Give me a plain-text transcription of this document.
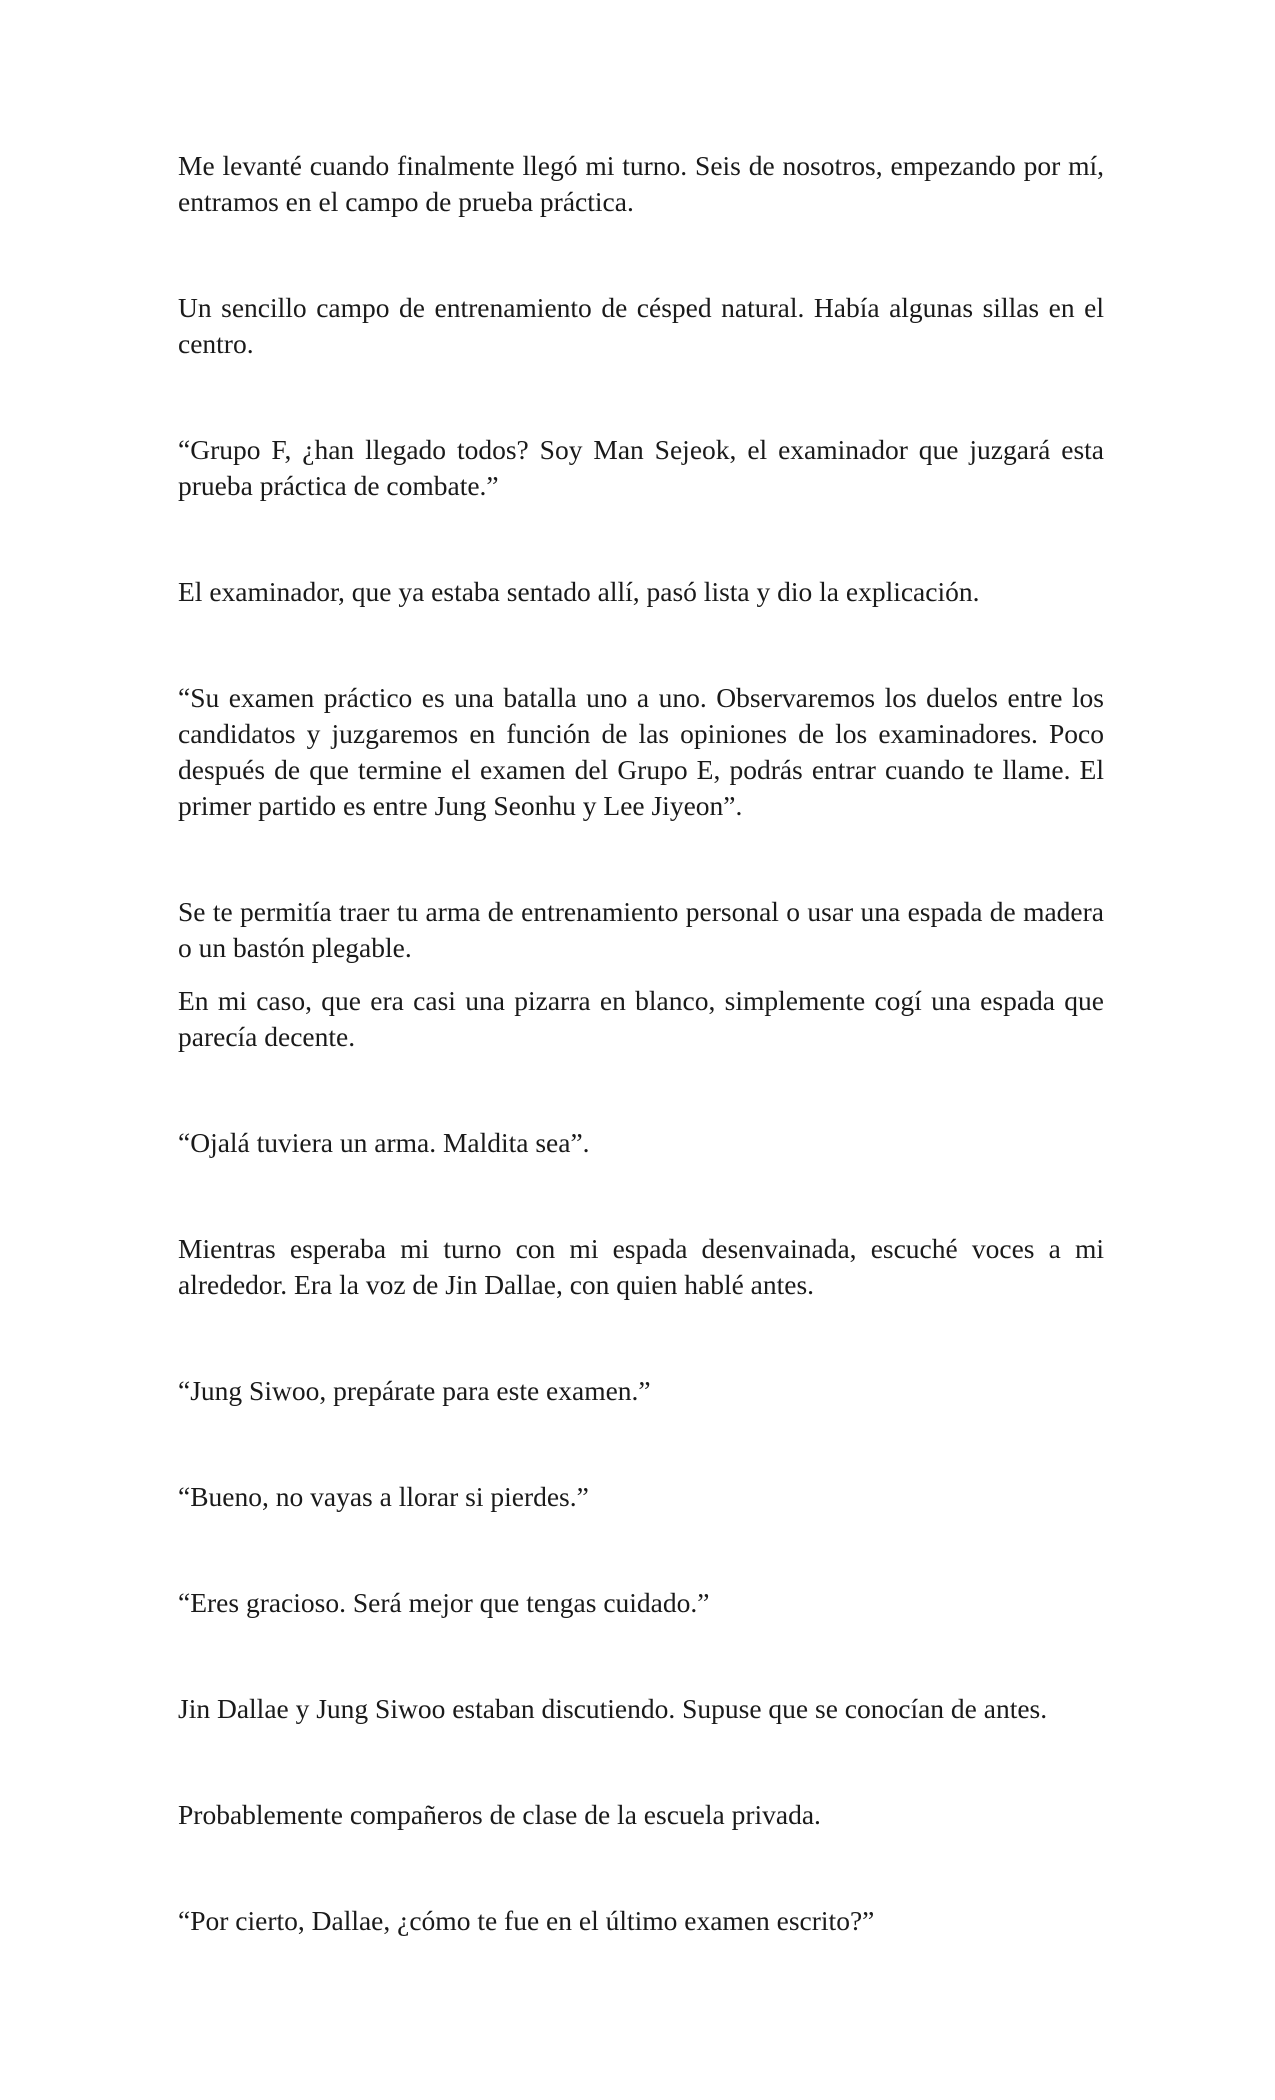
Me levanté cuando finalmente llegó mi turno. Seis de nosotros, empezando por mí, entramos en el campo de prueba práctica.

Un sencillo campo de entrenamiento de césped natural. Había algunas sillas en el centro.

“Grupo F, ¿han llegado todos? Soy Man Sejeok, el examinador que juzgará esta prueba práctica de combate.”

El examinador, que ya estaba sentado allí, pasó lista y dio la explicación.

“Su examen práctico es una batalla uno a uno. Observaremos los duelos entre los candidatos y juzgaremos en función de las opiniones de los examinadores. Poco después de que termine el examen del Grupo E, podrás entrar cuando te llame. El primer partido es entre Jung Seonhu y Lee Jiyeon”.

Se te permitía traer tu arma de entrenamiento personal o usar una espada de madera o un bastón plegable.

En mi caso, que era casi una pizarra en blanco, simplemente cogí una espada que parecía decente.

“Ojalá tuviera un arma. Maldita sea”.

Mientras esperaba mi turno con mi espada desenvainada, escuché voces a mi alrededor. Era la voz de Jin Dallae, con quien hablé antes.

“Jung Siwoo, prepárate para este examen.”

“Bueno, no vayas a llorar si pierdes.”

“Eres gracioso. Será mejor que tengas cuidado.”

Jin Dallae y Jung Siwoo estaban discutiendo. Supuse que se conocían de antes.

Probablemente compañeros de clase de la escuela privada.

“Por cierto, Dallae, ¿cómo te fue en el último examen escrito?”
